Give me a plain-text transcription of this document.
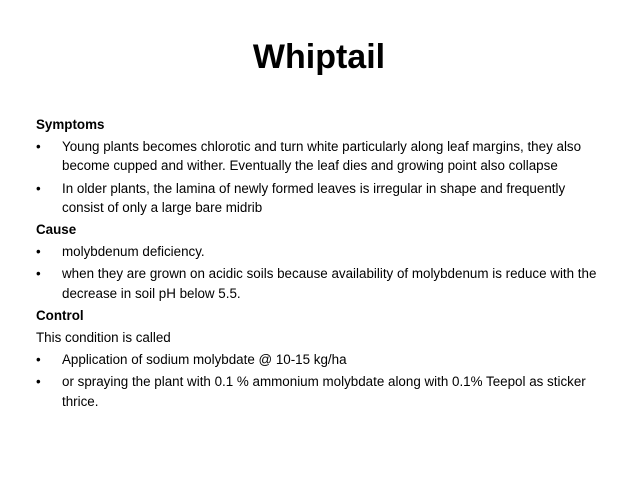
Whiptail
Symptoms
•	Young plants becomes chlorotic and turn white particularly along leaf margins, they also become cupped and wither. Eventually the leaf dies and growing point also collapse
•	In older plants, the lamina of newly formed leaves is irregular in shape and frequently consist of only a large bare midrib
Cause
•	molybdenum deficiency.
•	when they are grown on acidic soils because availability of molybdenum is reduce with the decrease in soil pH below 5.5.
Control
This condition is called
•	Application of sodium molybdate @ 10-15 kg/ha
•	or spraying the plant with 0.1 % ammonium molybdate along with 0.1% Teepol as sticker thrice.
